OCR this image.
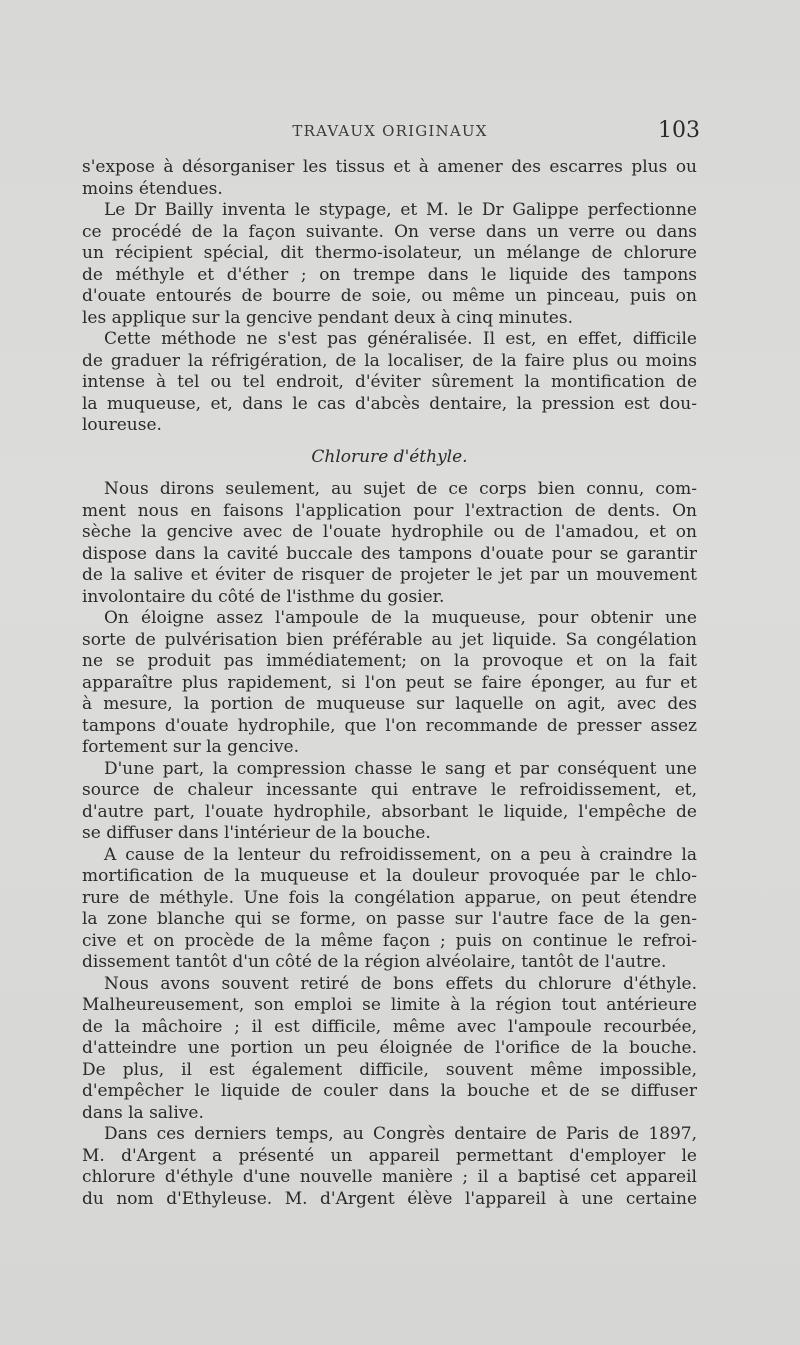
TRAVAUX ORIGINAUX	103
s'expose à désorganiser les tissus et à amener des escarres plus ou
moins étendues.
Le Dr Bailly inventa le stypage, et M. le Dr Galippe perfectionne
ce procédé de la façon suivante. On verse dans un verre ou dans
un récipient spécial, dit thermo-isolateur, un mélange de chlorure
de méthyle et d'éther ; on trempe dans le liquide des tampons
d'ouate entourés de bourre de soie, ou même un pinceau, puis on
les applique sur la gencive pendant deux à cinq minutes.
Cette méthode ne s'est pas généralisée. Il est, en effet, difficile
de graduer la réfrigération, de la localiser, de la faire plus ou moins
intense à tel ou tel endroit, d'éviter sûrement la montification de
la muqueuse, et, dans le cas d'abcès dentaire, la pression est dou-
loureuse.
Chlorure d'éthyle.
Nous dirons seulement, au sujet de ce corps bien connu, com-
ment nous en faisons l'application pour l'extraction de dents. On
sèche la gencive avec de l'ouate hydrophile ou de l'amadou, et on
dispose dans la cavité buccale des tampons d'ouate pour se garantir
de la salive et éviter de risquer de projeter le jet par un mouvement
involontaire du côté de l'isthme du gosier.
On éloigne assez l'ampoule de la muqueuse, pour obtenir une
sorte de pulvérisation bien préférable au jet liquide. Sa congélation
ne se produit pas immédiatement; on la provoque et on la fait
apparaître plus rapidement, si l'on peut se faire éponger, au fur et
à mesure, la portion de muqueuse sur laquelle on agit, avec des
tampons d'ouate hydrophile, que l'on recommande de presser assez
fortement sur la gencive.
D'une part, la compression chasse le sang et par conséquent une
source de chaleur incessante qui entrave le refroidissement, et,
d'autre part, l'ouate hydrophile, absorbant le liquide, l'empêche de
se diffuser dans l'intérieur de la bouche.
A cause de la lenteur du refroidissement, on a peu à craindre la
mortification de la muqueuse et la douleur provoquée par le chlo-
rure de méthyle. Une fois la congélation apparue, on peut étendre
la zone blanche qui se forme, on passe sur l'autre face de la gen-
cive et on procède de la même façon ; puis on continue le refroi-
dissement tantôt d'un côté de la région alvéolaire, tantôt de l'autre.
Nous avons souvent retiré de bons effets du chlorure d'éthyle.
Malheureusement, son emploi se limite à la région tout antérieure
de la mâchoire ; il est difficile, même avec l'ampoule recourbée,
d'atteindre une portion un peu éloignée de l'orifice de la bouche.
De plus, il est également difficile, souvent même impossible,
d'empêcher le liquide de couler dans la bouche et de se diffuser
dans la salive.
Dans ces derniers temps, au Congrès dentaire de Paris de 1897,
M. d'Argent a présenté un appareil permettant d'employer le
chlorure d'éthyle d'une nouvelle manière ; il a baptisé cet appareil
du nom d'Ethyleuse. M. d'Argent élève l'appareil à une certaine
